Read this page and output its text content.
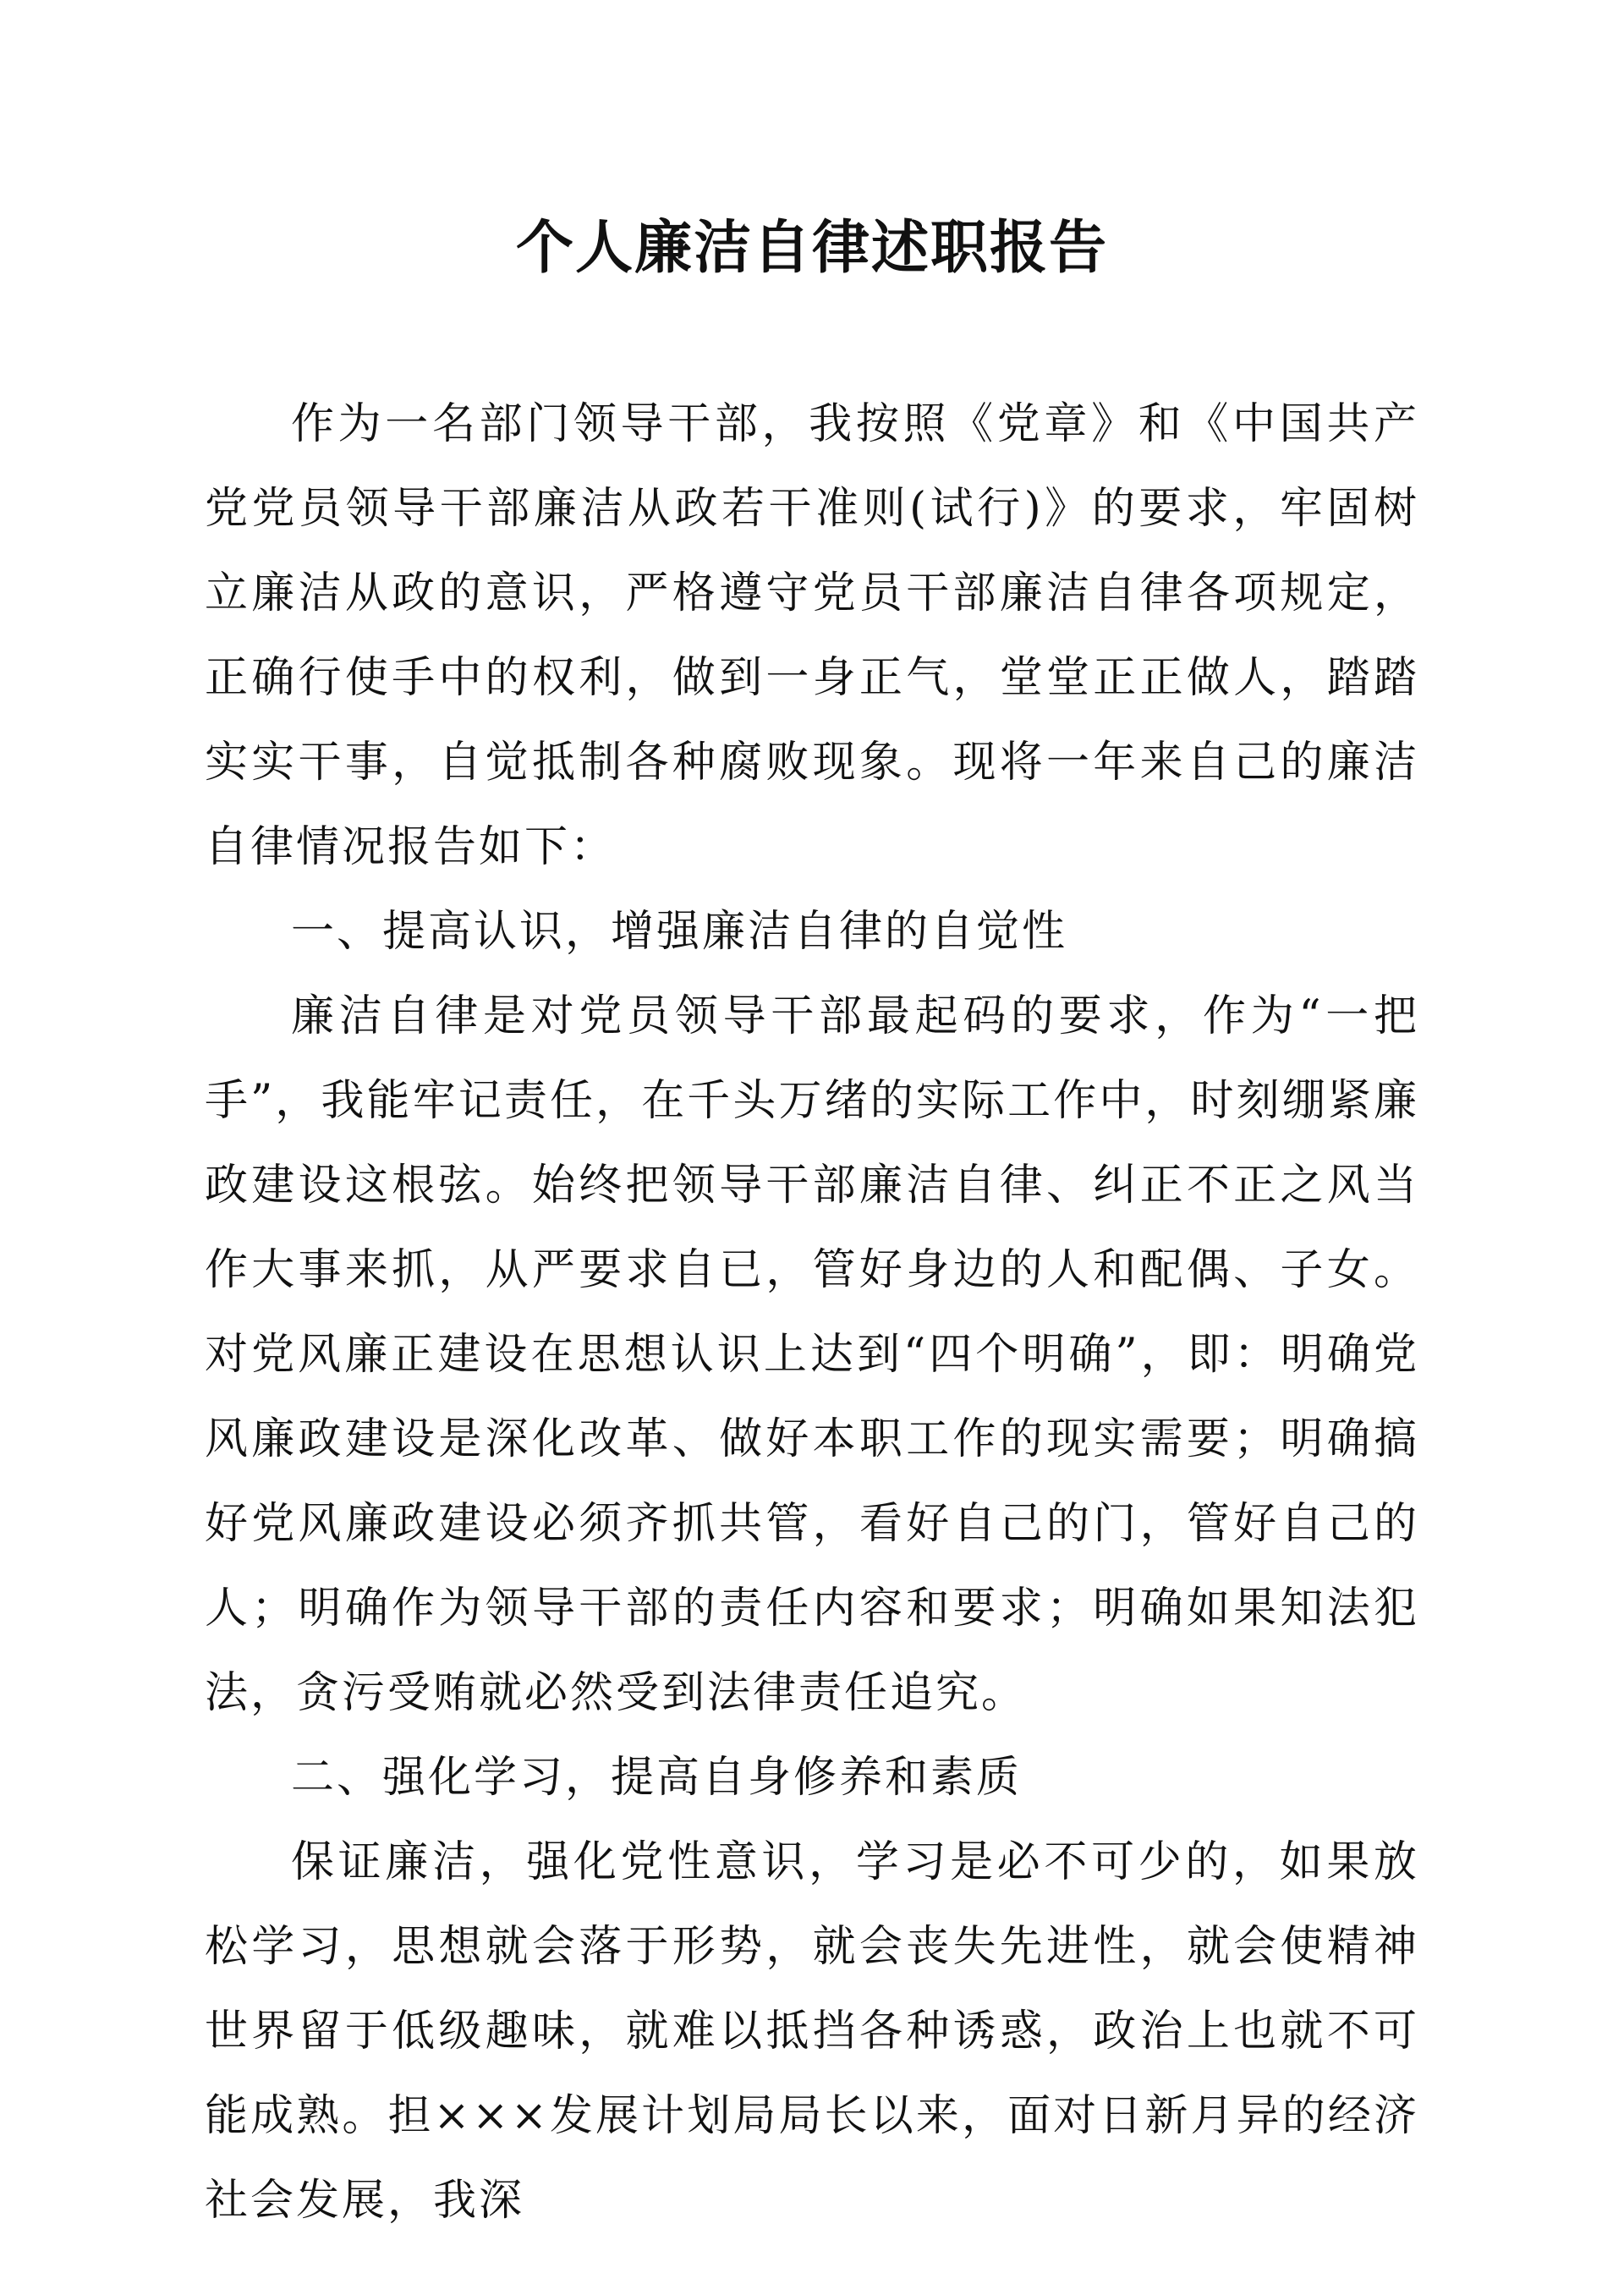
个人廉洁自律述职报告

作为一名部门领导干部，我按照《党章》和《中国共产党党员领导干部廉洁从政若干准则(试行)》的要求，牢固树立廉洁从政的意识，严格遵守党员干部廉洁自律各项规定，正确行使手中的权利，做到一身正气，堂堂正正做人，踏踏实实干事，自觉抵制各种腐败现象。现将一年来自己的廉洁自律情况报告如下：

一、提高认识，增强廉洁自律的自觉性

廉洁自律是对党员领导干部最起码的要求，作为“一把手”，我能牢记责任，在千头万绪的实际工作中，时刻绷紧廉政建设这根弦。始终把领导干部廉洁自律、纠正不正之风当作大事来抓，从严要求自已，管好身边的人和配偶、子女。对党风廉正建设在思想认识上达到“四个明确”，即：明确党风廉政建设是深化改革、做好本职工作的现实需要；明确搞好党风廉政建设必须齐抓共管，看好自己的门，管好自己的人；明确作为领导干部的责任内容和要求；明确如果知法犯法，贪污受贿就必然受到法律责任追究。

二、强化学习，提高自身修养和素质

保证廉洁，强化党性意识，学习是必不可少的，如果放松学习，思想就会落于形势，就会丧失先进性，就会使精神世界留于低级趣味，就难以抵挡各种诱惑，政治上也就不可能成熟。担×××发展计划局局长以来，面对日新月异的经济社会发展，我深
